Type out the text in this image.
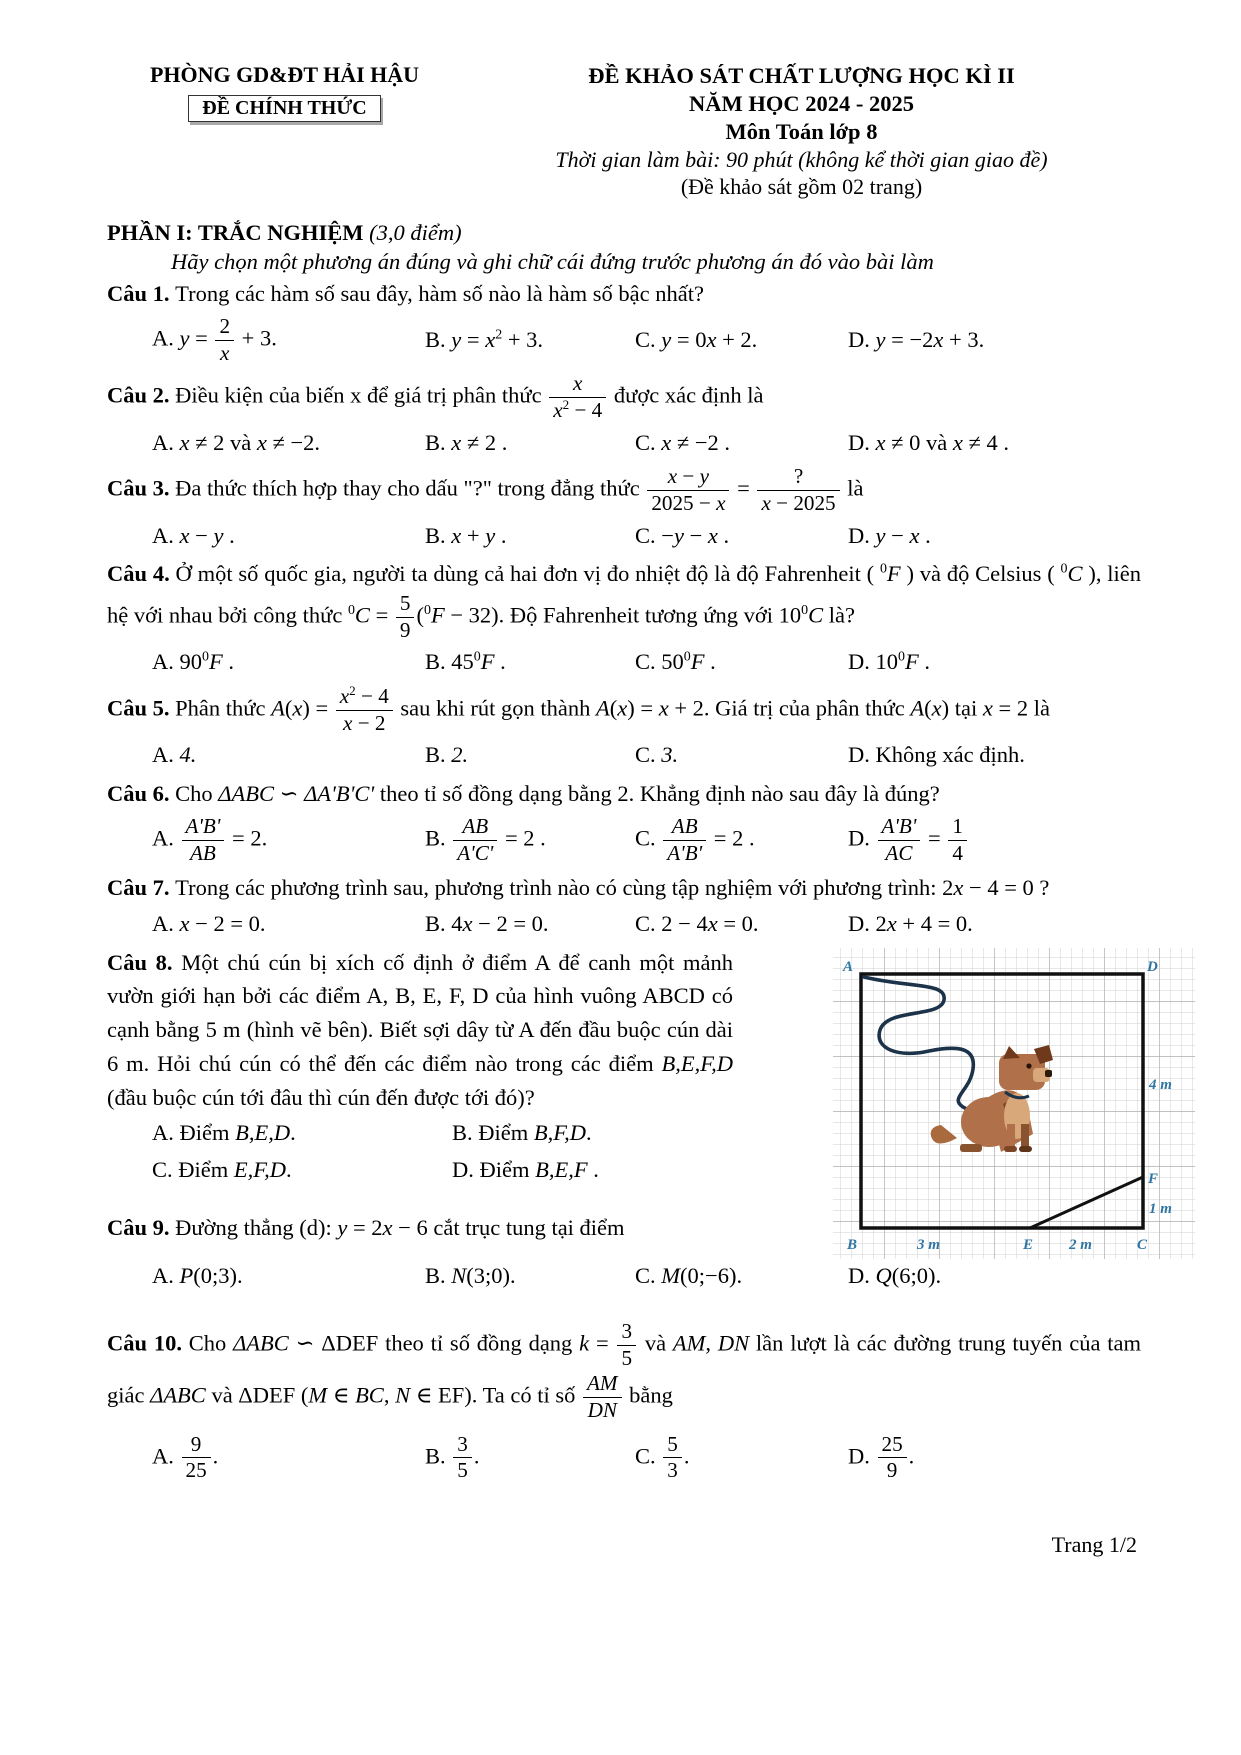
PHÒNG GD&ĐT HẢI HẬU
ĐỀ CHÍNH THỨC
ĐỀ KHẢO SÁT CHẤT LƯỢNG HỌC KÌ II
NĂM HỌC 2024 - 2025
Môn Toán lớp 8
Thời gian làm bài: 90 phút (không kể thời gian giao đề)
(Đề khảo sát gồm 02 trang)
PHẦN I: TRẮC NGHIỆM (3,0 điểm)
Hãy chọn một phương án đúng và ghi chữ cái đứng trước phương án đó vào bài làm

Câu 1. Trong các hàm số sau đây, hàm số nào là hàm số bậc nhất?

A. $y = \frac{2}{x} + 3$.	B. $y = x^2 + 3$.	C. y = 0x + 2.	D. y = −2x + 3.

Câu 2. Điều kiện của biến x để giá trị phân thức $\frac{x}{x^2 - 4}$ được xác định là

A. x ≠ 2 và x ≠ −2.	B. x ≠ 2 .	C. x ≠ −2 .	D. x ≠ 0 và x ≠ 4 .

Câu 3. Đa thức thích hợp thay cho dấu "?" trong đẳng thức $\frac{x - y}{2025 - x} = \frac{?}{x - 2025}$ là

A. x − y .	B. x + y .	C. −y − x .	D. y − x .

Câu 4. Ở một số quốc gia, người ta dùng cả hai đơn vị đo nhiệt độ là độ Fahrenheit ( $^0$F ) và độ Celsius ( $^0$C ), liên hệ với nhau bởi công thức $^0C = \frac{5}{9} (^0F - 32)$. Độ Fahrenheit tương ứng với $10^0C$ là?

A. $90^0F$ .	B. $45^0F$ .	C. $50^0F$ .	D. $10^0F$ .

Câu 5. Phân thức $A(x) = \frac{x^2 - 4}{x - 2}$ sau khi rút gọn thành A(x) = x + 2. Giá trị của phân thức A(x) tại x = 2 là

A. 4.	B. 2.	C. 3.	D. Không xác định.

Câu 6. Cho ΔABC ∽ ΔA'B'C' theo tỉ số đồng dạng bằng 2. Khẳng định nào sau đây là đúng?

A. $\frac{A'B'}{AB} = 2$.	B. $\frac{AB}{A'C'} = 2$ .	C. $\frac{AB}{A'B'} = 2$ .	D. $\frac{A'B'}{AC} = \frac{1}{4}$

Câu 7. Trong các phương trình sau, phương trình nào có cùng tập nghiệm với phương trình: 2x − 4 = 0 ?

A. x − 2 = 0.	B. 4x − 2 = 0.	C. 2 − 4x = 0.	D. 2x + 4 = 0.
A	D
B	C
E
F
4 m
1 m
3 m	2 m

Câu 8. Một chú cún bị xích cố định ở điểm A để canh một mảnh vườn giới hạn bởi các điểm A, B, E, F, D của hình vuông ABCD có cạnh bằng 5 m (hình vẽ bên). Biết sợi dây từ A đến đầu buộc cún dài 6 m. Hỏi chú cún có thể đến các điểm nào trong các điểm B,E,F,D (đầu buộc cún tới đâu thì cún đến được tới đó)?

A. Điểm B,E,D.	B. Điểm B,F,D.
C. Điểm E,F,D.	D. Điểm B,E,F .

Câu 9. Đường thẳng (d): y = 2x − 6 cắt trục tung tại điểm

A. P(0;3).	B. N(3;0).	C. M(0;−6).	D. Q(6;0).

Câu 10. Cho ΔABC ∽ ΔDEF theo tỉ số đồng dạng $k = \frac{3}{5}$ và AM, DN lần lượt là các đường trung tuyến của tam giác ΔABC và ΔDEF (M ∈ BC, N ∈ EF). Ta có tỉ số $\frac{AM}{DN}$ bằng

A. $\frac{9}{25}$ .	B. $\frac{3}{5}$ .	C. $\frac{5}{3}$ .	D. $\frac{25}{9}$ .
Trang 1/2
